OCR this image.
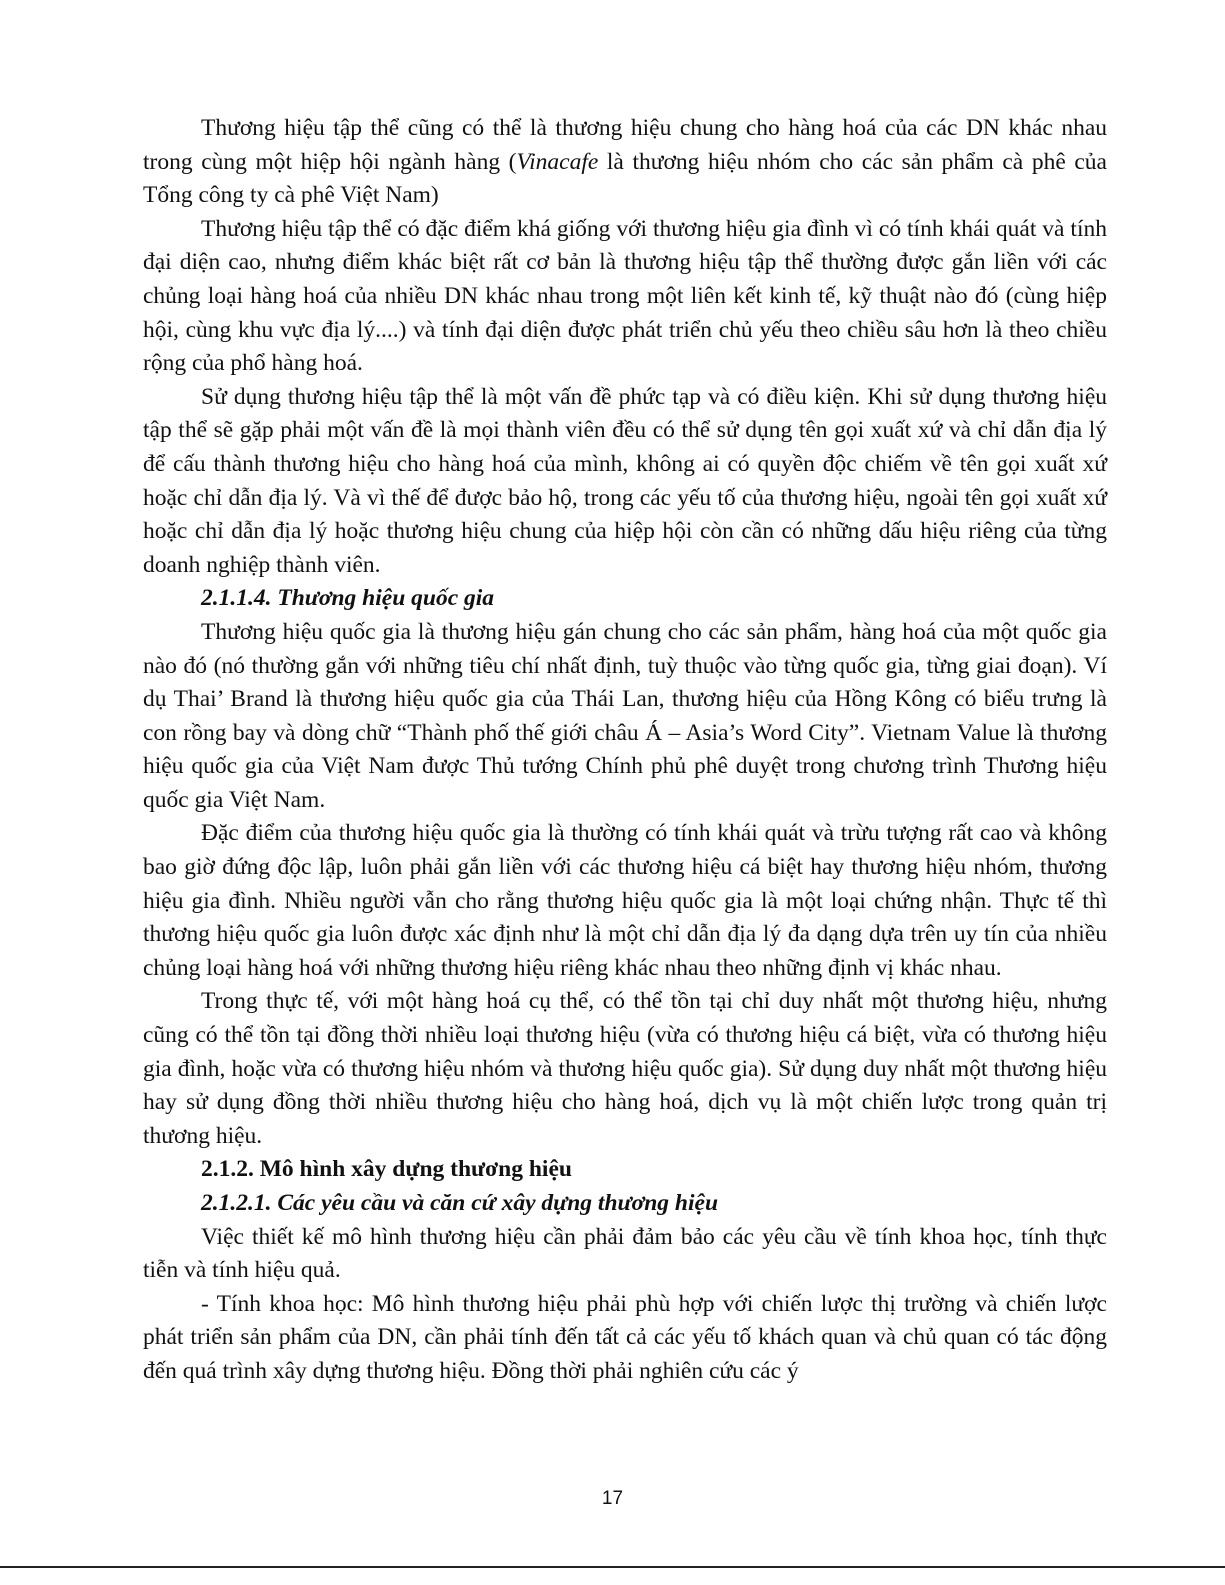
Thương hiệu tập thể cũng có thể là thương hiệu chung cho hàng hoá của các DN khác nhau trong cùng một hiệp hội ngành hàng (Vinacafe là thương hiệu nhóm cho các sản phẩm cà phê của Tổng công ty cà phê Việt Nam)

Thương hiệu tập thể có đặc điểm khá giống với thương hiệu gia đình vì có tính khái quát và tính đại diện cao, nhưng điểm khác biệt rất cơ bản là thương hiệu tập thể thường được gắn liền với các chủng loại hàng hoá của nhiều DN khác nhau trong một liên kết kinh tế, kỹ thuật nào đó (cùng hiệp hội, cùng khu vực địa lý....) và tính đại diện được phát triển chủ yếu theo chiều sâu hơn là theo chiều rộng của phổ hàng hoá.

Sử dụng thương hiệu tập thể là một vấn đề phức tạp và có điều kiện. Khi sử dụng thương hiệu tập thể sẽ gặp phải một vấn đề là mọi thành viên đều có thể sử dụng tên gọi xuất xứ và chỉ dẫn địa lý để cấu thành thương hiệu cho hàng hoá của mình, không ai có quyền độc chiếm về tên gọi xuất xứ hoặc chỉ dẫn địa lý. Và vì thế để được bảo hộ, trong các yếu tố của thương hiệu, ngoài tên gọi xuất xứ hoặc chỉ dẫn địa lý hoặc thương hiệu chung của hiệp hội còn cần có những dấu hiệu riêng của từng doanh nghiệp thành viên.

2.1.1.4. Thương hiệu quốc gia

Thương hiệu quốc gia là thương hiệu gán chung cho các sản phẩm, hàng hoá của một quốc gia nào đó (nó thường gắn với những tiêu chí nhất định, tuỳ thuộc vào từng quốc gia, từng giai đoạn). Ví dụ Thai’ Brand là thương hiệu quốc gia của Thái Lan, thương hiệu của Hồng Kông có biểu trưng là con rồng bay và dòng chữ “Thành phố thế giới châu Á – Asia’s Word City”. Vietnam Value là thương hiệu quốc gia của Việt Nam được Thủ tướng Chính phủ phê duyệt trong chương trình Thương hiệu quốc gia Việt Nam.

Đặc điểm của thương hiệu quốc gia là thường có tính khái quát và trừu tượng rất cao và không bao giờ đứng độc lập, luôn phải gắn liền với các thương hiệu cá biệt hay thương hiệu nhóm, thương hiệu gia đình. Nhiều người vẫn cho rằng thương hiệu quốc gia là một loại chứng nhận. Thực tế thì thương hiệu quốc gia luôn được xác định như là một chỉ dẫn địa lý đa dạng dựa trên uy tín của nhiều chủng loại hàng hoá với những thương hiệu riêng khác nhau theo những định vị khác nhau.

Trong thực tế, với một hàng hoá cụ thể, có thể tồn tại chỉ duy nhất một thương hiệu, nhưng cũng có thể tồn tại đồng thời nhiều loại thương hiệu (vừa có thương hiệu cá biệt, vừa có thương hiệu gia đình, hoặc vừa có thương hiệu nhóm và thương hiệu quốc gia). Sử dụng duy nhất một thương hiệu hay sử dụng đồng thời nhiều thương hiệu cho hàng hoá, dịch vụ là một chiến lược trong quản trị thương hiệu.

2.1.2. Mô hình xây dựng thương hiệu

2.1.2.1. Các yêu cầu và căn cứ xây dựng thương hiệu

Việc thiết kế mô hình thương hiệu cần phải đảm bảo các yêu cầu về tính khoa học, tính thực tiễn và tính hiệu quả.

- Tính khoa học: Mô hình thương hiệu phải phù hợp với chiến lược thị trường và chiến lược phát triển sản phẩm của DN, cần phải tính đến tất cả các yếu tố khách quan và chủ quan có tác động đến quá trình xây dựng thương hiệu. Đồng thời phải nghiên cứu các ý

17
